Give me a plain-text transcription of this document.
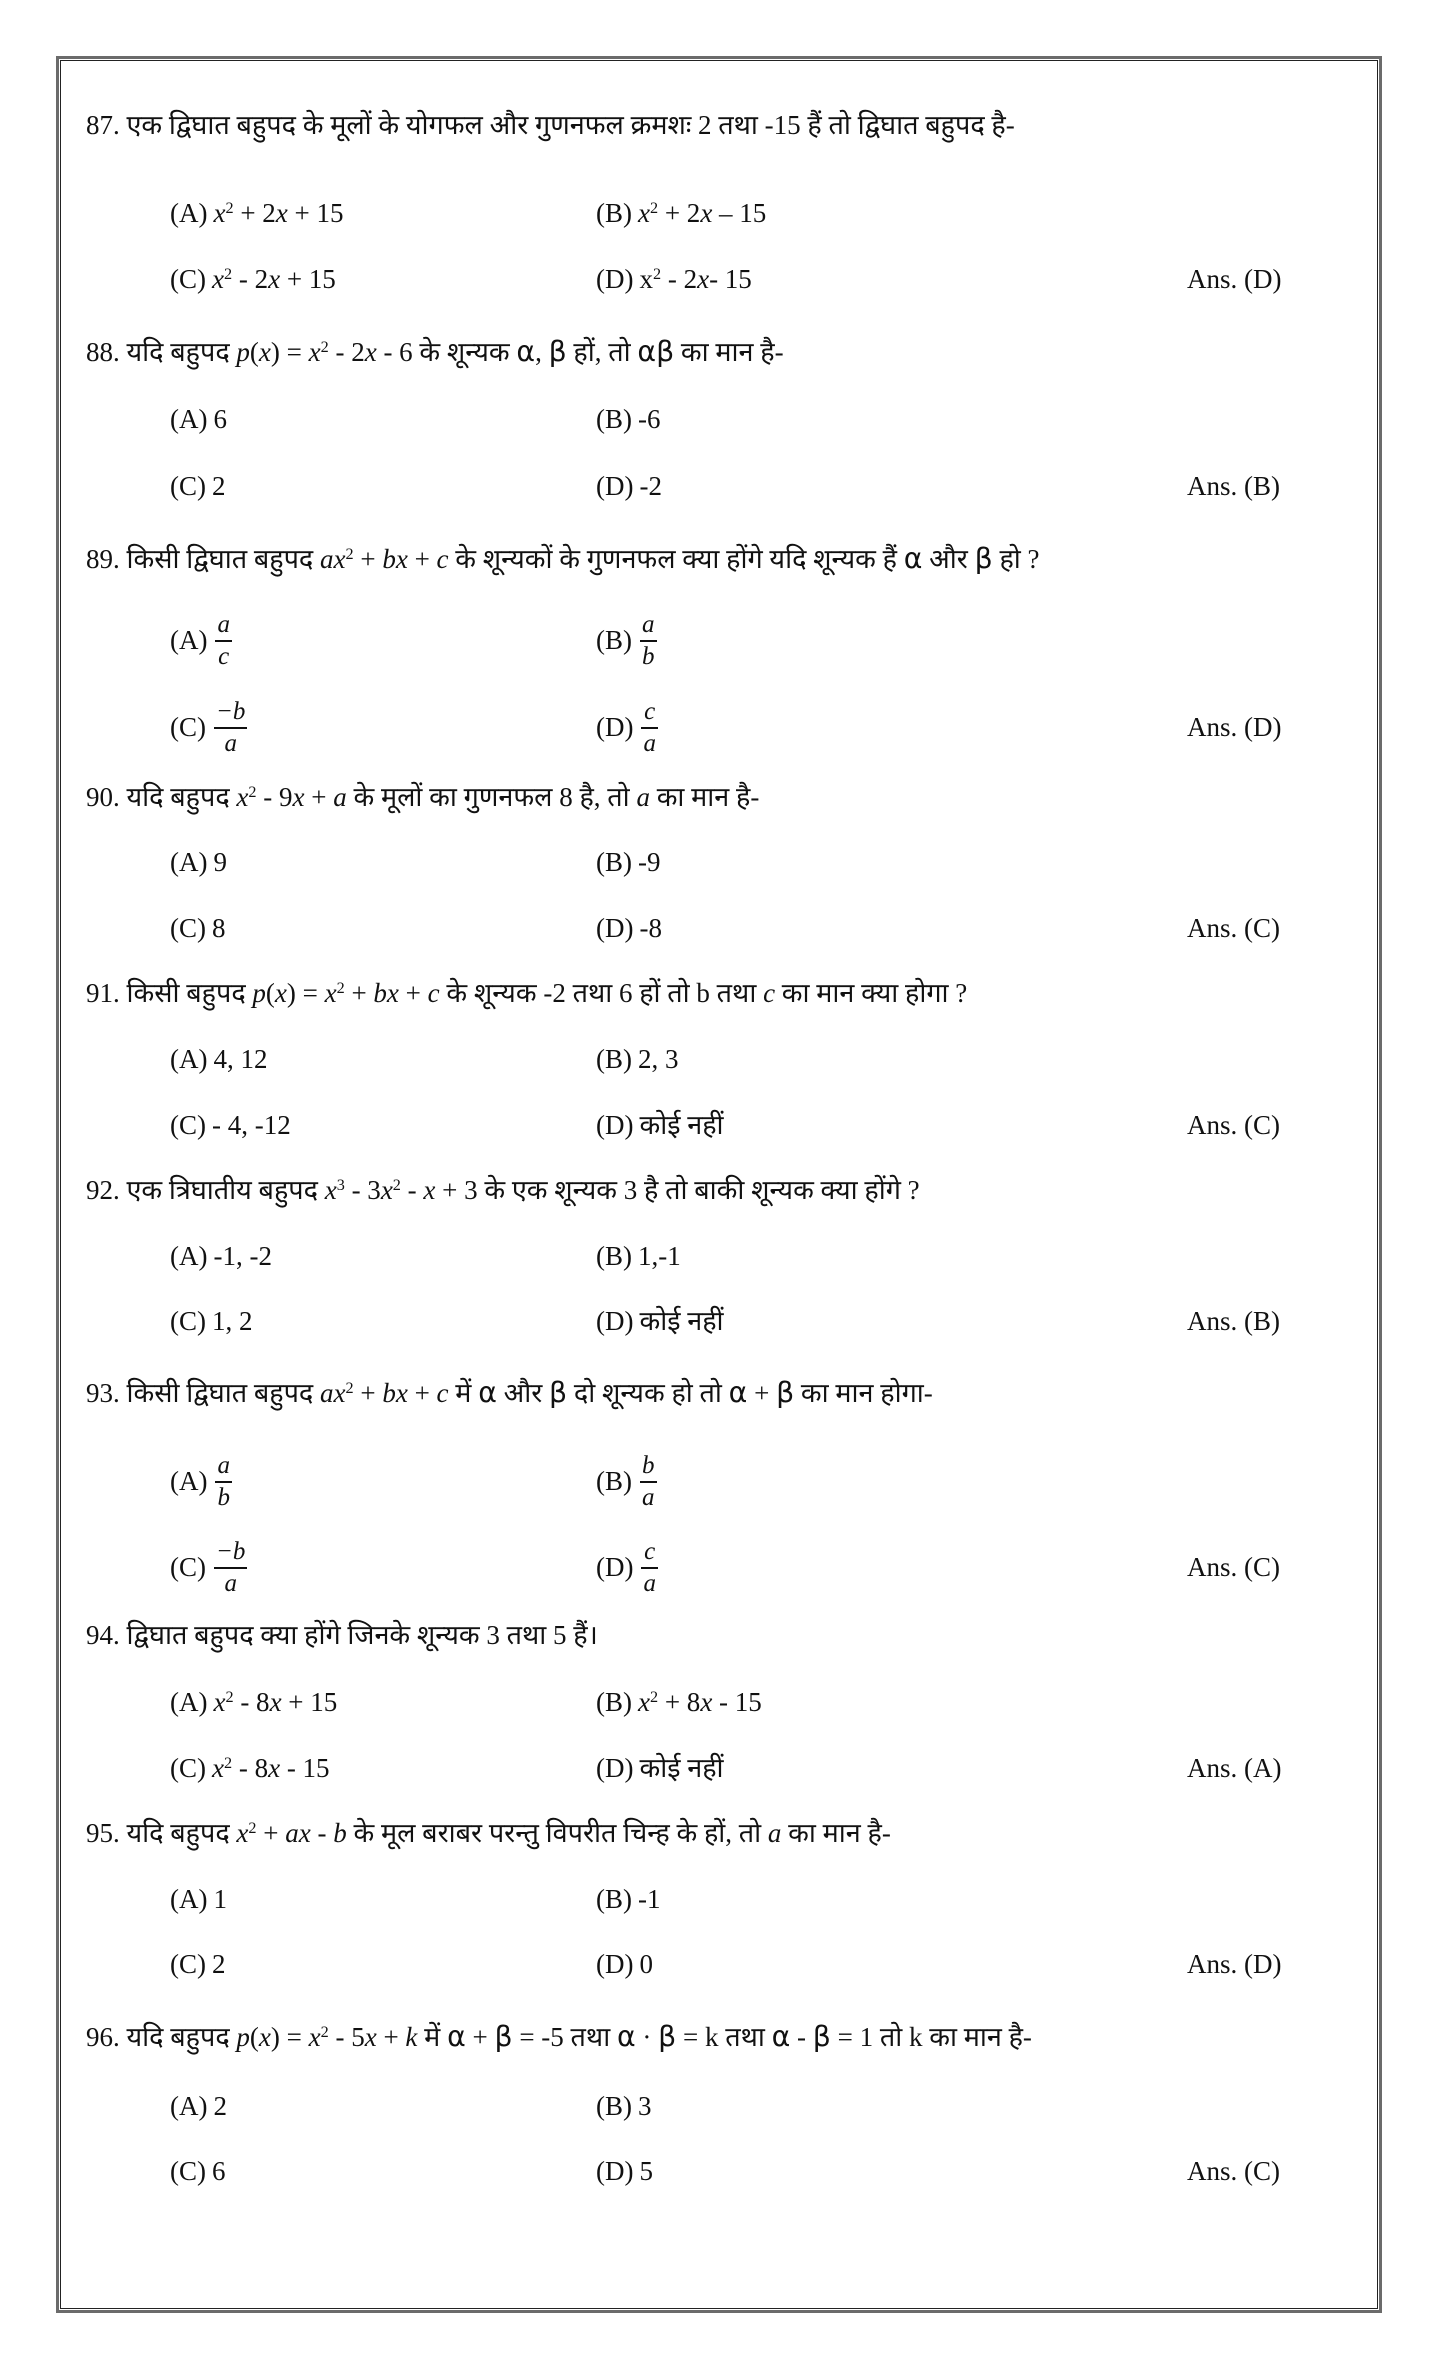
87. एक द्विघात बहुपद के मूलों के योगफल और गुणनफल क्रमशः 2 तथा -15 हैं तो द्विघात बहुपद है-
(A) $x^2 + 2x + 15$	(B) $x^2 + 2x - 15$
(C) $x^2 - 2x + 15$	(D) $x^2 - 2x-$ 15	Ans. (D)
88. यदि बहुपद $p(x) = x^2 - 2x - 6$ के शून्यक α, β हों, तो αβ का मान है-
(A) 6	(B) -6
(C) 2	(D) -2	Ans. (B)
89. किसी द्विघात बहुपद $ax^2$ + bx + c के शून्यकों के गुणनफल क्या होंगे यदि शून्यक हैं α और β हो ?
$(A) \frac{a}{c}$	$(B) \frac{a}{b}$
$(C) \frac{-b}{a}$	$(D) \frac{c}{a}$	Ans. (D)
90. यदि बहुपद $x^2 - 9x + a$ के मूलों का गुणनफल 8 है, तो a का मान है-
(A) 9	(B) -9
(C) 8	(D) -8	Ans. (C)
91. किसी बहुपद $p(x) = x^2$ + bx + c के शून्यक -2 तथा 6 हों तो b तथा c का मान क्या होगा ?
(A) 4, 12	(B) 2, 3
(C) - 4, -12	(D) कोई नहीं	Ans. (C)
92. एक त्रिघातीय बहुपद $x^3 - 3x^2 - x + 3$ के एक शून्यक 3 है तो बाकी शून्यक क्या होंगे ?
(A) -1, -2	(B) 1,-1
(C) 1, 2	(D) कोई नहीं	Ans. (B)
93. किसी द्विघात बहुपद $ax^2$ + bx + c में α और β दो शून्यक हो तो α + β का मान होगा-
$(A) \frac{a}{b}$	$(B) \frac{b}{a}$
$(C) \frac{-b}{a}$	$(D) \frac{c}{a}$	Ans. (C)
94. द्विघात बहुपद क्या होंगे जिनके शून्यक 3 तथा 5 हैं।
(A) $x^2 - 8x + 15$	(B) $x^2 + 8x - 15$
(C) $x^2 - 8x - 15$	(D) कोई नहीं	Ans. (A)
95. यदि बहुपद $x^2$ + ax - b के मूल बराबर परन्तु विपरीत चिन्ह के हों, तो a का मान है-
(A) 1	(B) -1
(C) 2	(D) 0	Ans. (D)
96. यदि बहुपद $p(x) = x^2 - 5x + k$ में α + β = -5 तथा α · β = k तथा α - β = 1 तो k का मान है-
(A) 2	(B) 3
(C) 6	(D) 5	Ans. (C)
